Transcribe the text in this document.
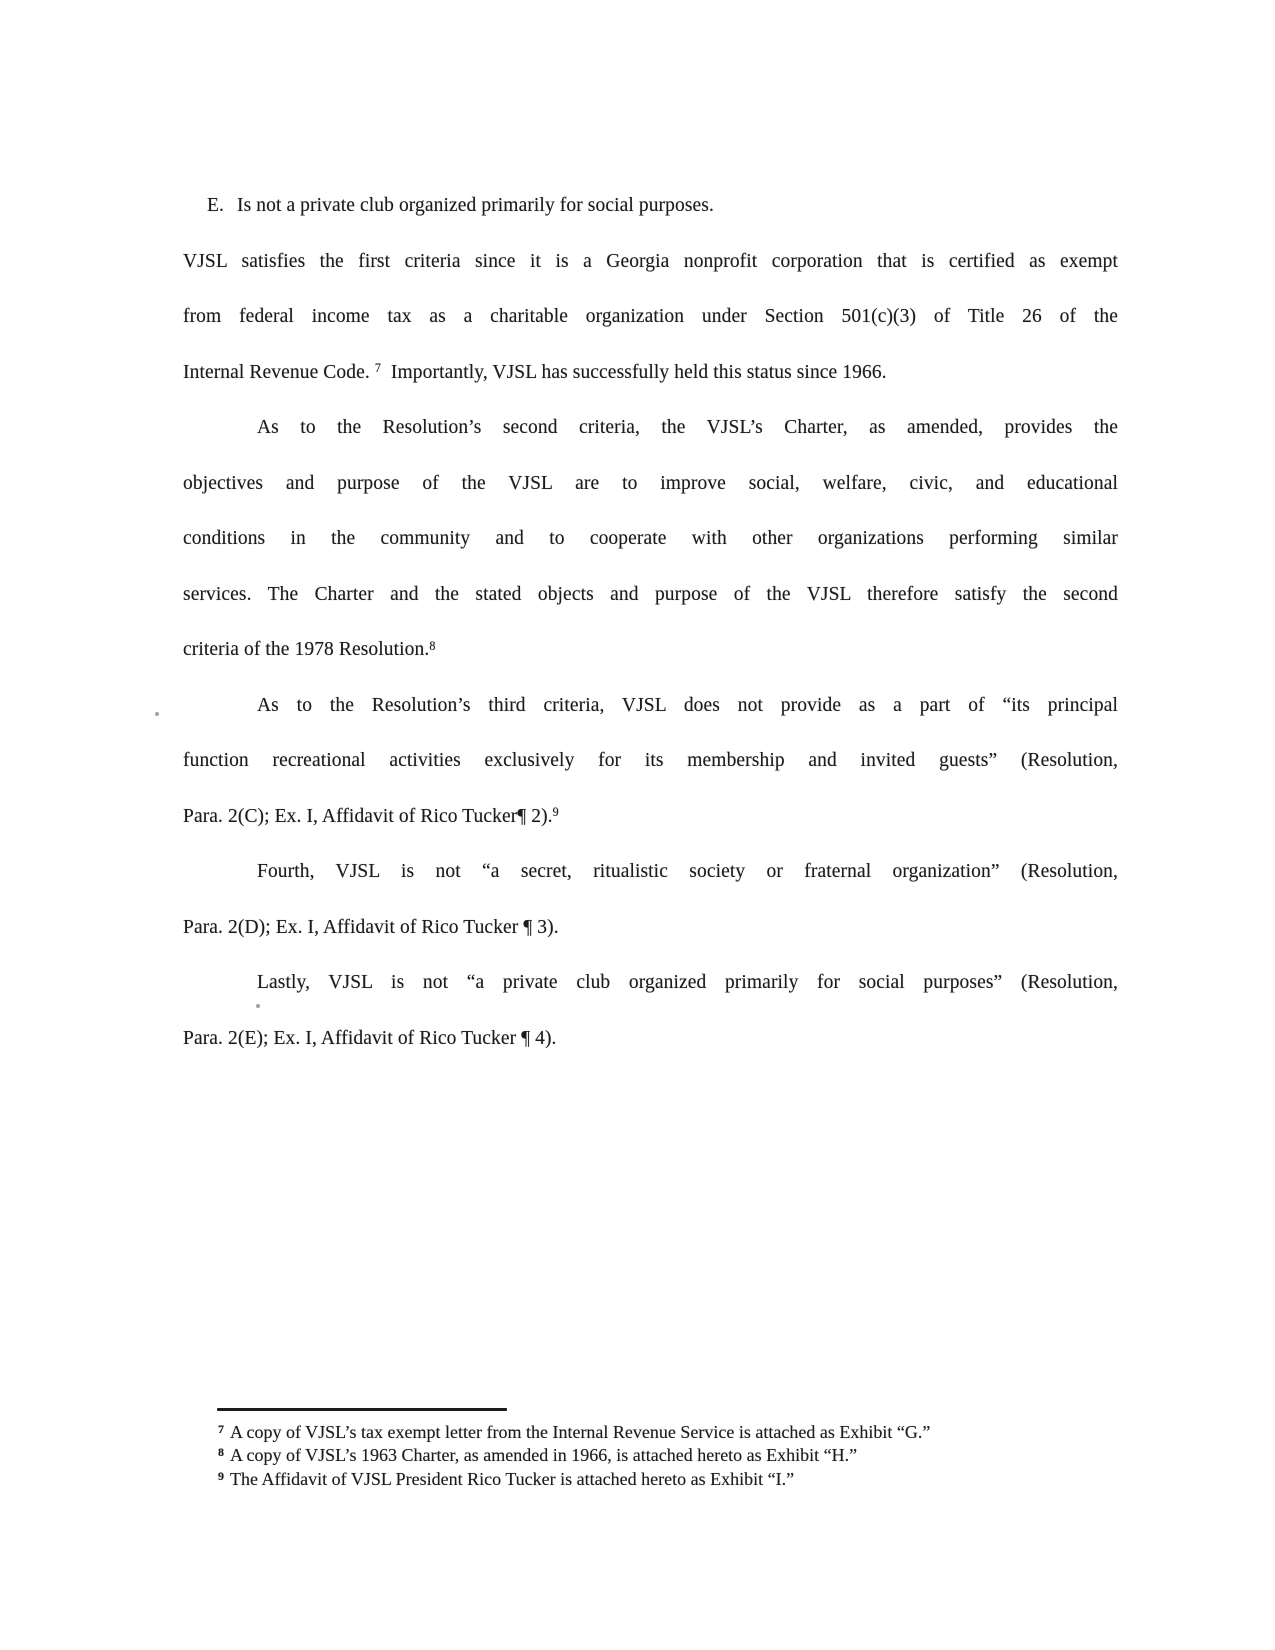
E. Is not a private club organized primarily for social purposes.
VJSL satisfies the first criteria since it is a Georgia nonprofit corporation that is certified as exempt
from federal income tax as a charitable organization under Section 501(c)(3) of Title 26 of the
Internal Revenue Code. $^7$  Importantly, VJSL has successfully held this status since 1966.
As to the Resolution’s second criteria, the VJSL’s Charter, as amended, provides the
objectives and purpose of the VJSL are to improve social, welfare, civic, and educational
conditions in the community and to cooperate with other organizations performing similar
services. The Charter and the stated objects and purpose of the VJSL therefore satisfy the second
criteria of the 1978 Resolution.$^8$
As to the Resolution’s third criteria, VJSL does not provide as a part of “its principal
function recreational activities exclusively for its membership and invited guests” (Resolution,
Para. 2(C); Ex. I, Affidavit of Rico Tucker¶ 2).$^9$
Fourth, VJSL is not “a secret, ritualistic society or fraternal organization” (Resolution,
Para. 2(D); Ex. I, Affidavit of Rico Tucker ¶ 3).
Lastly, VJSL is not “a private club organized primarily for social purposes” (Resolution,
Para. 2(E); Ex. I, Affidavit of Rico Tucker ¶ 4).
$^7$ A copy of VJSL’s tax exempt letter from the Internal Revenue Service is attached as Exhibit “G.”
$^8$ A copy of VJSL’s 1963 Charter, as amended in 1966, is attached hereto as Exhibit “H.”
$^9$ The Affidavit of VJSL President Rico Tucker is attached hereto as Exhibit “I.”
